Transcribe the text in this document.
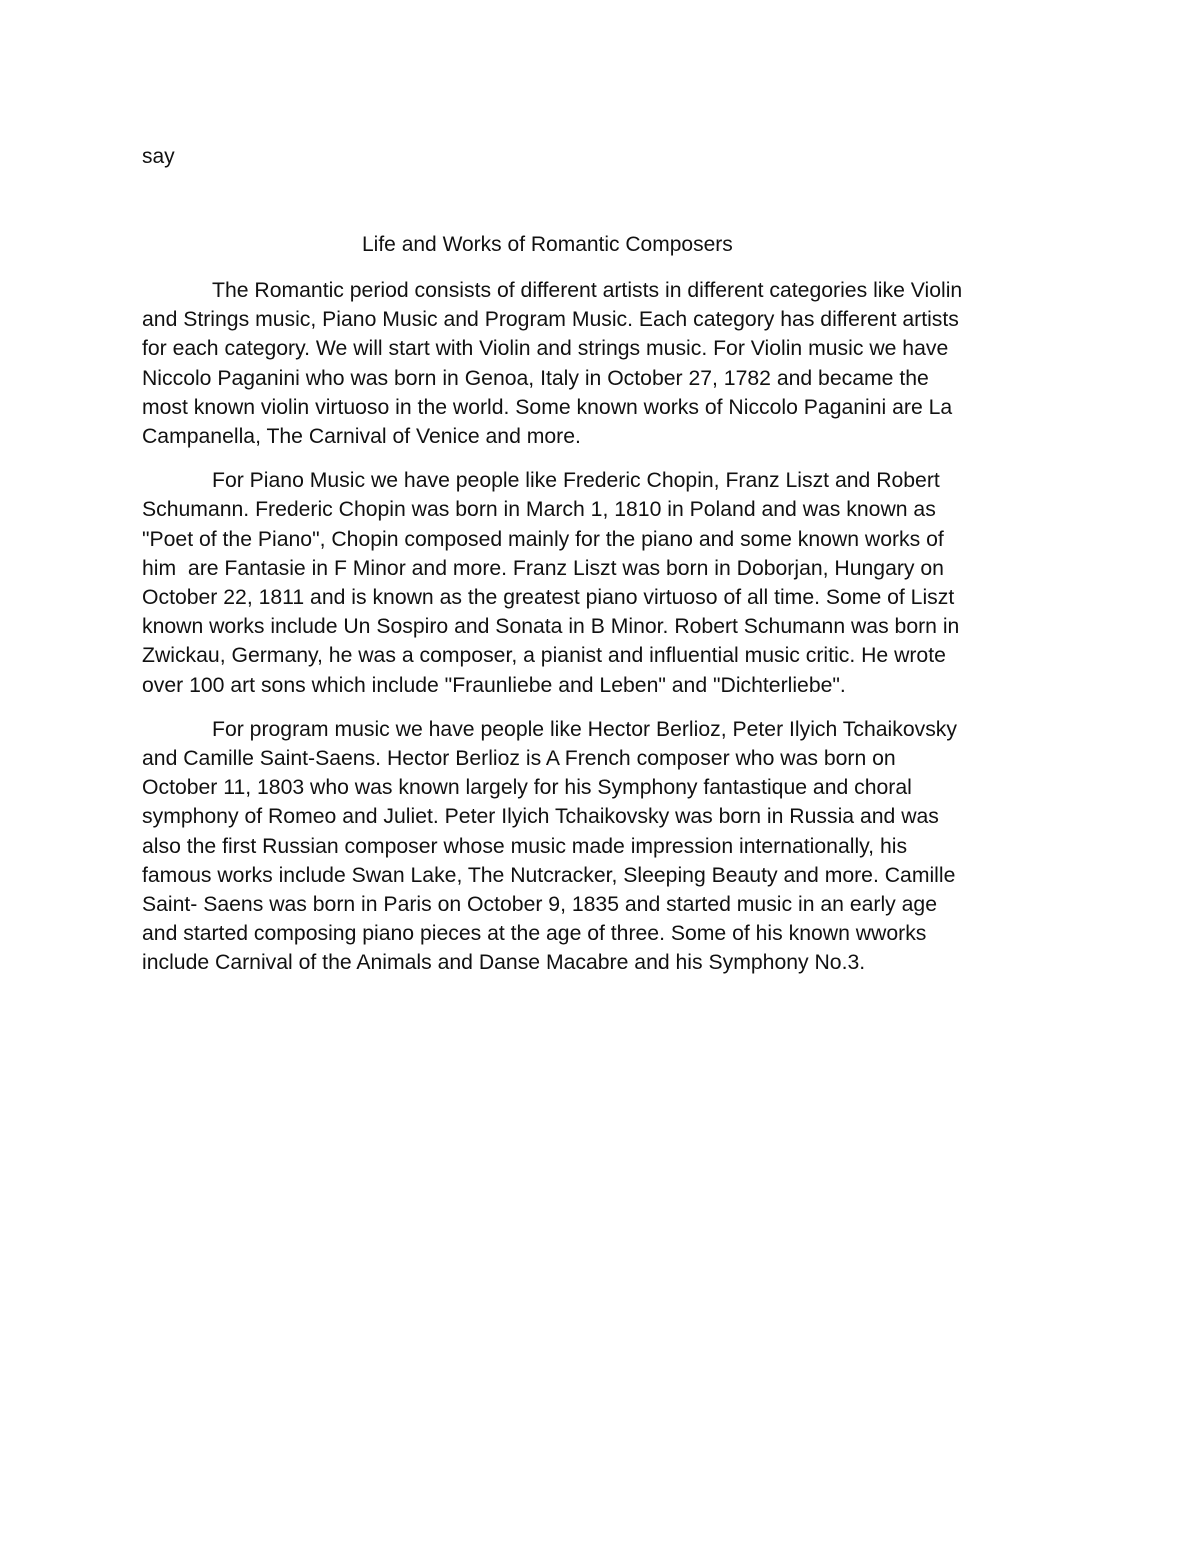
say

Life and Works of Romantic Composers
The Romantic period consists of different artists in different categories like Violin
and Strings music, Piano Music and Program Music. Each category has different artists
for each category. We will start with Violin and strings music. For Violin music we have
Niccolo Paganini who was born in Genoa, Italy in October 27, 1782 and became the
most known violin virtuoso in the world. Some known works of Niccolo Paganini are La
Campanella, The Carnival of Venice and more.
For Piano Music we have people like Frederic Chopin, Franz Liszt and Robert
Schumann. Frederic Chopin was born in March 1, 1810 in Poland and was known as
"Poet of the Piano", Chopin composed mainly for the piano and some known works of
him  are Fantasie in F Minor and more. Franz Liszt was born in Doborjan, Hungary on
October 22, 1811 and is known as the greatest piano virtuoso of all time. Some of Liszt
known works include Un Sospiro and Sonata in B Minor. Robert Schumann was born in
Zwickau, Germany, he was a composer, a pianist and influential music critic. He wrote
over 100 art sons which include "Fraunliebe and Leben" and "Dichterliebe".
For program music we have people like Hector Berlioz, Peter Ilyich Tchaikovsky
and Camille Saint-Saens. Hector Berlioz is A French composer who was born on
October 11, 1803 who was known largely for his Symphony fantastique and choral
symphony of Romeo and Juliet. Peter Ilyich Tchaikovsky was born in Russia and was
also the first Russian composer whose music made impression internationally, his
famous works include Swan Lake, The Nutcracker, Sleeping Beauty and more. Camille
Saint- Saens was born in Paris on October 9, 1835 and started music in an early age
and started composing piano pieces at the age of three. Some of his known wworks
include Carnival of the Animals and Danse Macabre and his Symphony No.3.
